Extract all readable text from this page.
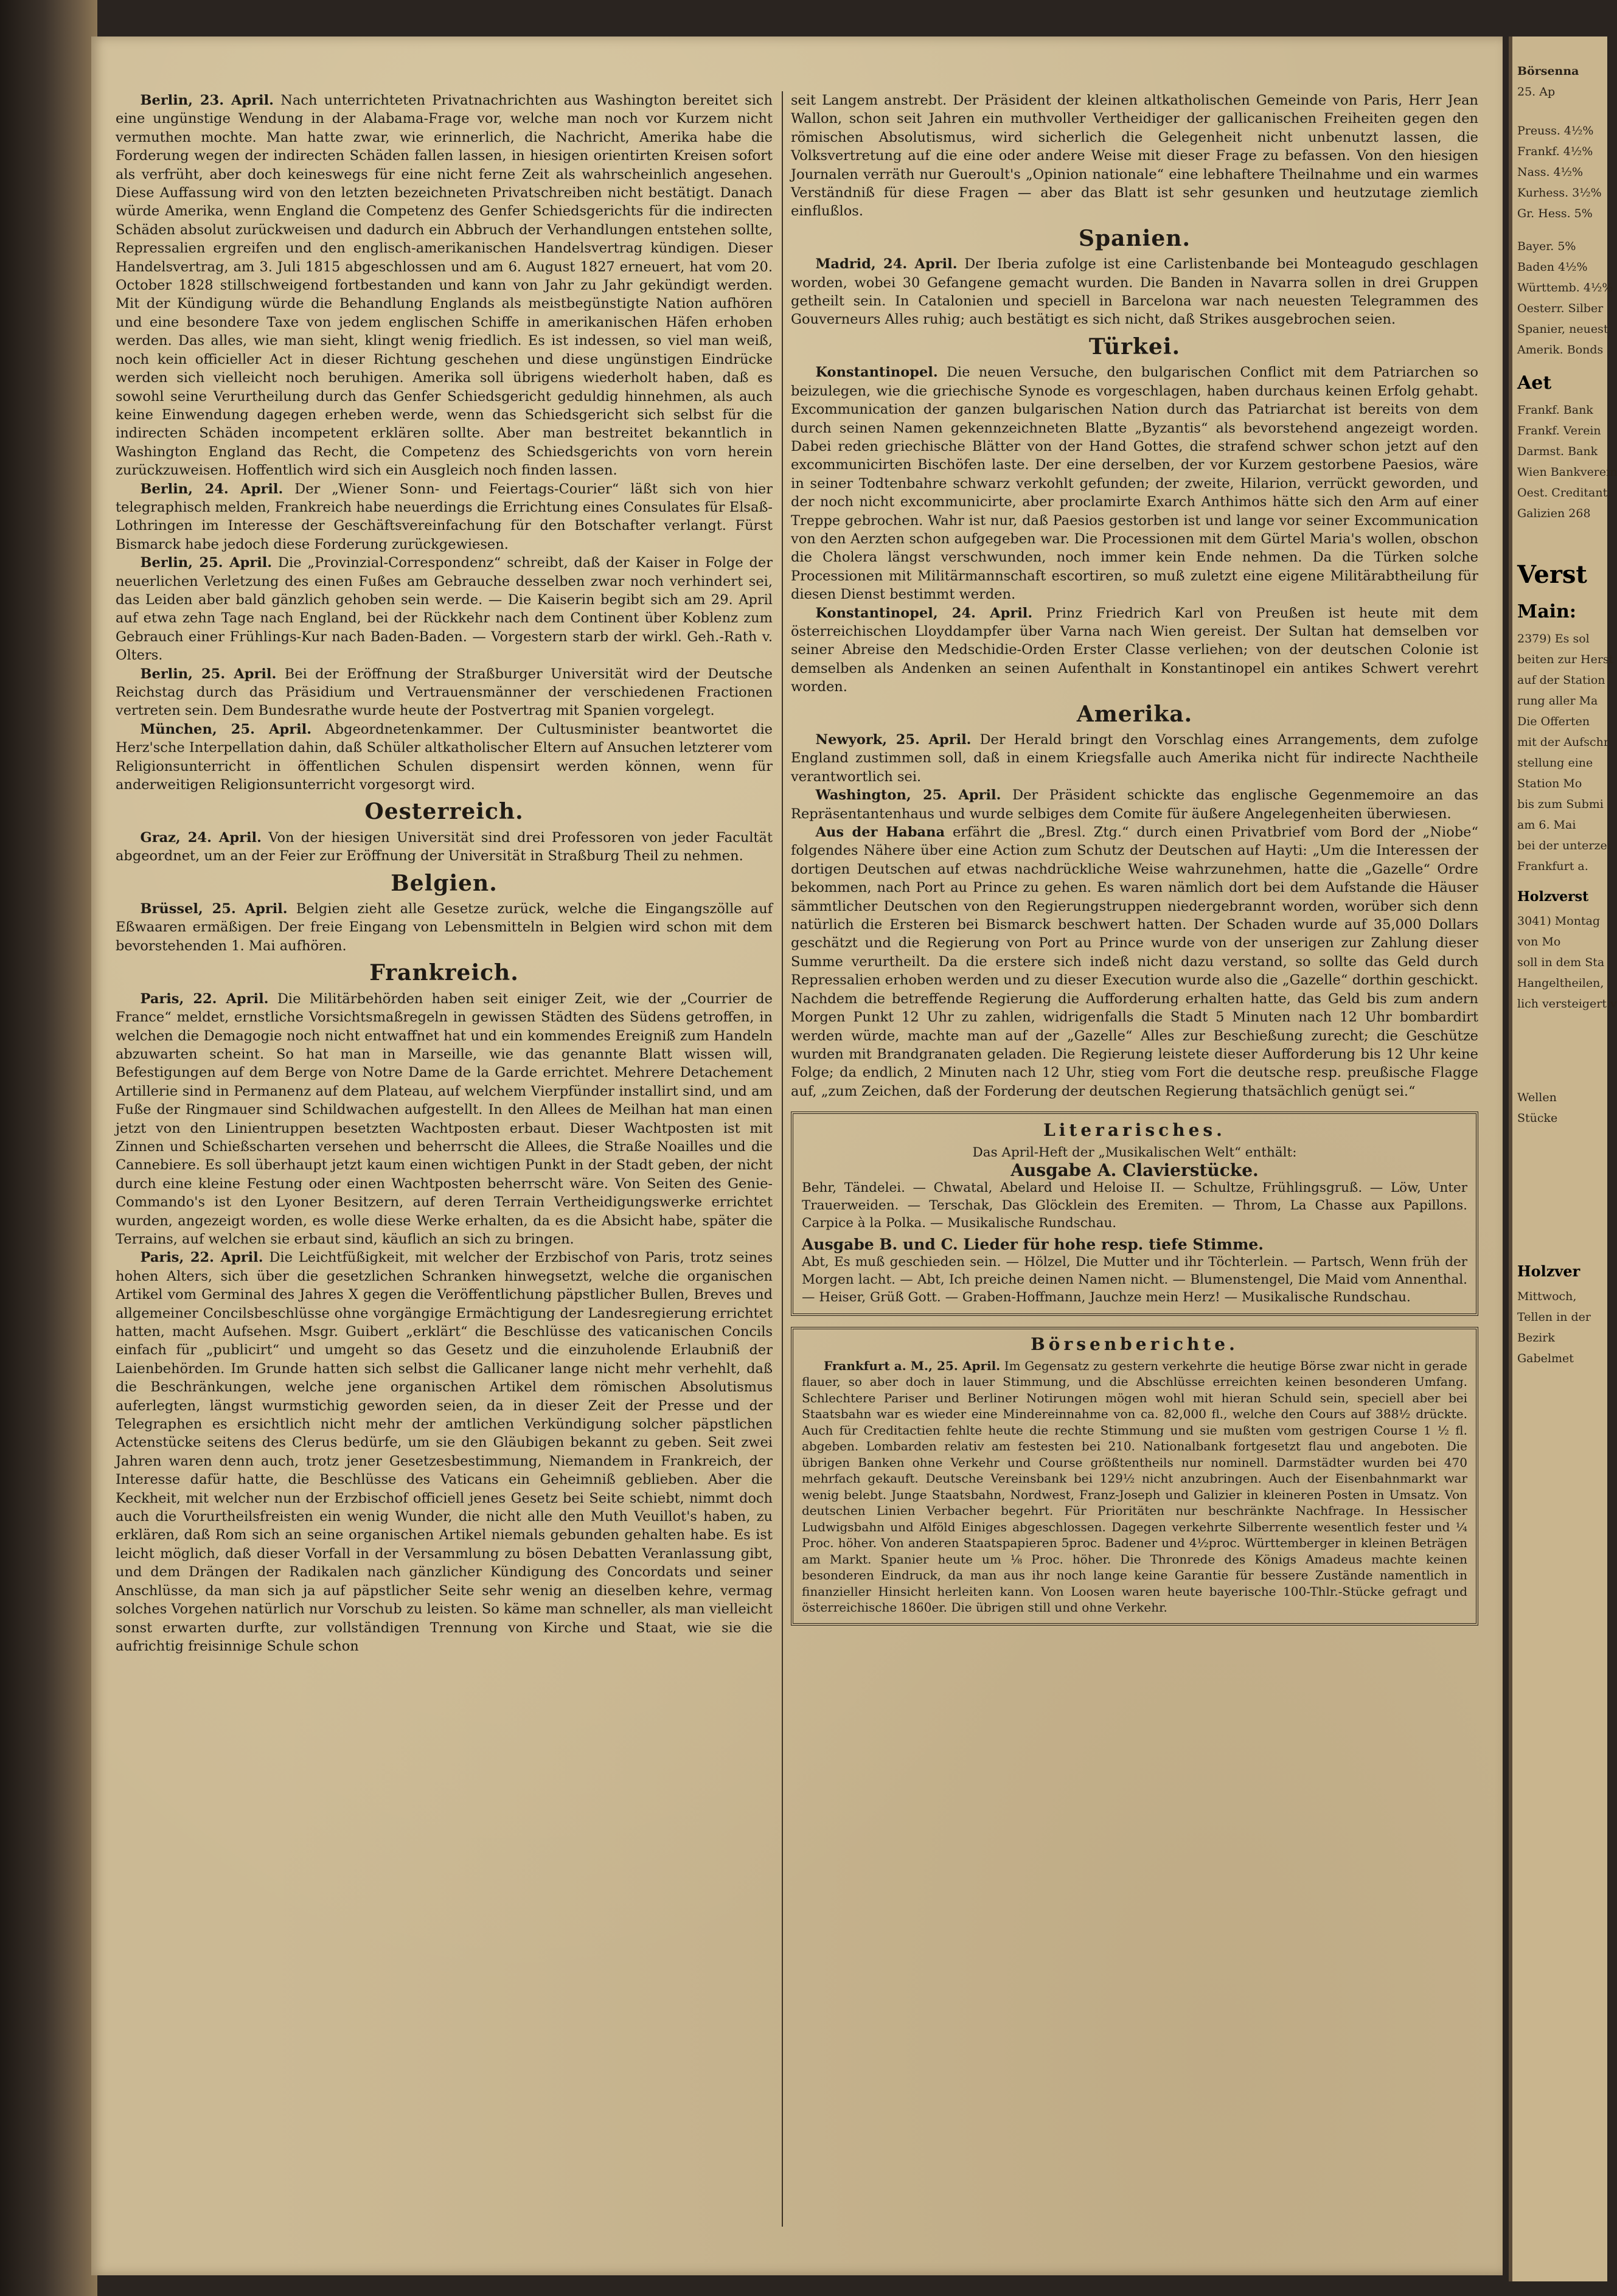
Berlin, 23. April. Nach unterrichteten Privatnachrichten aus Washington bereitet sich eine ungünstige Wendung in der Alabama-Frage vor, welche man noch vor Kurzem nicht vermuthen mochte. Man hatte zwar, wie erinnerlich, die Nachricht, Amerika habe die Forderung wegen der indirecten Schäden fallen lassen, in hiesigen orientirten Kreisen sofort als verfrüht, aber doch keineswegs für eine nicht ferne Zeit als wahrscheinlich angesehen. Diese Auffassung wird von den letzten bezeichneten Privatschreiben nicht bestätigt. Danach würde Amerika, wenn England die Competenz des Genfer Schiedsgerichts für die indirecten Schäden absolut zurückweisen und dadurch ein Abbruch der Verhandlungen entstehen sollte, Repressalien ergreifen und den englisch-amerikanischen Handelsvertrag kündigen. Dieser Handelsvertrag, am 3. Juli 1815 abgeschlossen und am 6. August 1827 erneuert, hat vom 20. October 1828 stillschweigend fortbestanden und kann von Jahr zu Jahr gekündigt werden. Mit der Kündigung würde die Behandlung Englands als meistbegünstigte Nation aufhören und eine besondere Taxe von jedem englischen Schiffe in amerikanischen Häfen erhoben werden. Das alles, wie man sieht, klingt wenig friedlich. Es ist indessen, so viel man weiß, noch kein officieller Act in dieser Richtung geschehen und diese ungünstigen Eindrücke werden sich vielleicht noch beruhigen. Amerika soll übrigens wiederholt haben, daß es sowohl seine Verurtheilung durch das Genfer Schiedsgericht geduldig hinnehmen, als auch keine Einwendung dagegen erheben werde, wenn das Schiedsgericht sich selbst für die indirecten Schäden incompetent erklären sollte. Aber man bestreitet bekanntlich in Washington England das Recht, die Competenz des Schiedsgerichts von vorn herein zurückzuweisen. Hoffentlich wird sich ein Ausgleich noch finden lassen.

Berlin, 24. April. Der „Wiener Sonn- und Feiertags-Courier“ läßt sich von hier telegraphisch melden, Frankreich habe neuerdings die Errichtung eines Consulates für Elsaß-Lothringen im Interesse der Geschäftsvereinfachung für den Botschafter verlangt. Fürst Bismarck habe jedoch diese Forderung zurückgewiesen.

Berlin, 25. April. Die „Provinzial-Correspondenz“ schreibt, daß der Kaiser in Folge der neuerlichen Verletzung des einen Fußes am Gebrauche desselben zwar noch verhindert sei, das Leiden aber bald gänzlich gehoben sein werde. — Die Kaiserin begibt sich am 29. April auf etwa zehn Tage nach England, bei der Rückkehr nach dem Continent über Koblenz zum Gebrauch einer Frühlings-Kur nach Baden-Baden. — Vorgestern starb der wirkl. Geh.-Rath v. Olters.

Berlin, 25. April. Bei der Eröffnung der Straßburger Universität wird der Deutsche Reichstag durch das Präsidium und Vertrauensmänner der verschiedenen Fractionen vertreten sein. Dem Bundesrathe wurde heute der Postvertrag mit Spanien vorgelegt.

München, 25. April. Abgeordnetenkammer. Der Cultusminister beantwortet die Herz'sche Interpellation dahin, daß Schüler altkatholischer Eltern auf Ansuchen letzterer vom Religionsunterricht in öffentlichen Schulen dispensirt werden können, wenn für anderweitigen Religionsunterricht vorgesorgt wird.

Oesterreich.

Graz, 24. April. Von der hiesigen Universität sind drei Professoren von jeder Facultät abgeordnet, um an der Feier zur Eröffnung der Universität in Straßburg Theil zu nehmen.

Belgien.

Brüssel, 25. April. Belgien zieht alle Gesetze zurück, welche die Eingangszölle auf Eßwaaren ermäßigen. Der freie Eingang von Lebensmitteln in Belgien wird schon mit dem bevorstehenden 1. Mai aufhören.

Frankreich.

Paris, 22. April. Die Militärbehörden haben seit einiger Zeit, wie der „Courrier de France“ meldet, ernstliche Vorsichtsmaßregeln in gewissen Städten des Südens getroffen, in welchen die Demagogie noch nicht entwaffnet hat und ein kommendes Ereigniß zum Handeln abzuwarten scheint. So hat man in Marseille, wie das genannte Blatt wissen will, Befestigungen auf dem Berge von Notre Dame de la Garde errichtet. Mehrere Detachement Artillerie sind in Permanenz auf dem Plateau, auf welchem Vierpfünder installirt sind, und am Fuße der Ringmauer sind Schildwachen aufgestellt. In den Allees de Meilhan hat man einen jetzt von den Linientruppen besetzten Wachtposten erbaut. Dieser Wachtposten ist mit Zinnen und Schießscharten versehen und beherrscht die Allees, die Straße Noailles und die Cannebiere. Es soll überhaupt jetzt kaum einen wichtigen Punkt in der Stadt geben, der nicht durch eine kleine Festung oder einen Wachtposten beherrscht wäre. Von Seiten des Genie-Commando's ist den Lyoner Besitzern, auf deren Terrain Vertheidigungswerke errichtet wurden, angezeigt worden, es wolle diese Werke erhalten, da es die Absicht habe, später die Terrains, auf welchen sie erbaut sind, käuflich an sich zu bringen.

Paris, 22. April. Die Leichtfüßigkeit, mit welcher der Erzbischof von Paris, trotz seines hohen Alters, sich über die gesetzlichen Schranken hinwegsetzt, welche die organischen Artikel vom Germinal des Jahres X gegen die Veröffentlichung päpstlicher Bullen, Breves und allgemeiner Concilsbeschlüsse ohne vorgängige Ermächtigung der Landesregierung errichtet hatten, macht Aufsehen. Msgr. Guibert „erklärt“ die Beschlüsse des vaticanischen Concils einfach für „publicirt“ und umgeht so das Gesetz und die einzuholende Erlaubniß der Laienbehörden. Im Grunde hatten sich selbst die Gallicaner lange nicht mehr verhehlt, daß die Beschränkungen, welche jene organischen Artikel dem römischen Absolutismus auferlegten, längst wurmstichig geworden seien, da in dieser Zeit der Presse und der Telegraphen es ersichtlich nicht mehr der amtlichen Verkündigung solcher päpstlichen Actenstücke seitens des Clerus bedürfe, um sie den Gläubigen bekannt zu geben. Seit zwei Jahren waren denn auch, trotz jener Gesetzesbestimmung, Niemandem in Frankreich, der Interesse dafür hatte, die Beschlüsse des Vaticans ein Geheimniß geblieben. Aber die Keckheit, mit welcher nun der Erzbischof officiell jenes Gesetz bei Seite schiebt, nimmt doch auch die Vorurtheilsfreisten ein wenig Wunder, die nicht alle den Muth Veuillot's haben, zu erklären, daß Rom sich an seine organischen Artikel niemals gebunden gehalten habe. Es ist leicht möglich, daß dieser Vorfall in der Versammlung zu bösen Debatten Veranlassung gibt, und dem Drängen der Radikalen nach gänzlicher Kündigung des Concordats und seiner Anschlüsse, da man sich ja auf päpstlicher Seite sehr wenig an dieselben kehre, vermag solches Vorgehen natürlich nur Vorschub zu leisten. So käme man schneller, als man vielleicht sonst erwarten durfte, zur vollständigen Trennung von Kirche und Staat, wie sie die aufrichtig freisinnige Schule schon

seit Langem anstrebt. Der Präsident der kleinen altkatholischen Gemeinde von Paris, Herr Jean Wallon, schon seit Jahren ein muthvoller Vertheidiger der gallicanischen Freiheiten gegen den römischen Absolutismus, wird sicherlich die Gelegenheit nicht unbenutzt lassen, die Volksvertretung auf die eine oder andere Weise mit dieser Frage zu befassen. Von den hiesigen Journalen verräth nur Gueroult's „Opinion nationale“ eine lebhaftere Theilnahme und ein warmes Verständniß für diese Fragen — aber das Blatt ist sehr gesunken und heutzutage ziemlich einflußlos.

Spanien.

Madrid, 24. April. Der Iberia zufolge ist eine Carlistenbande bei Monteagudo geschlagen worden, wobei 30 Gefangene gemacht wurden. Die Banden in Navarra sollen in drei Gruppen getheilt sein. In Catalonien und speciell in Barcelona war nach neuesten Telegrammen des Gouverneurs Alles ruhig; auch bestätigt es sich nicht, daß Strikes ausgebrochen seien.

Türkei.

Konstantinopel. Die neuen Versuche, den bulgarischen Conflict mit dem Patriarchen so beizulegen, wie die griechische Synode es vorgeschlagen, haben durchaus keinen Erfolg gehabt. Excommunication der ganzen bulgarischen Nation durch das Patriarchat ist bereits von dem durch seinen Namen gekennzeichneten Blatte „Byzantis“ als bevorstehend angezeigt worden. Dabei reden griechische Blätter von der Hand Gottes, die strafend schwer schon jetzt auf den excommunicirten Bischöfen laste. Der eine derselben, der vor Kurzem gestorbene Paesios, wäre in seiner Todtenbahre schwarz verkohlt gefunden; der zweite, Hilarion, verrückt geworden, und der noch nicht excommunicirte, aber proclamirte Exarch Anthimos hätte sich den Arm auf einer Treppe gebrochen. Wahr ist nur, daß Paesios gestorben ist und lange vor seiner Excommunication von den Aerzten schon aufgegeben war. Die Processionen mit dem Gürtel Maria's wollen, obschon die Cholera längst verschwunden, noch immer kein Ende nehmen. Da die Türken solche Processionen mit Militärmannschaft escortiren, so muß zuletzt eine eigene Militärabtheilung für diesen Dienst bestimmt werden.

Konstantinopel, 24. April. Prinz Friedrich Karl von Preußen ist heute mit dem österreichischen Lloyddampfer über Varna nach Wien gereist. Der Sultan hat demselben vor seiner Abreise den Medschidie-Orden Erster Classe verliehen; von der deutschen Colonie ist demselben als Andenken an seinen Aufenthalt in Konstantinopel ein antikes Schwert verehrt worden.

Amerika.

Newyork, 25. April. Der Herald bringt den Vorschlag eines Arrangements, dem zufolge England zustimmen soll, daß in einem Kriegsfalle auch Amerika nicht für indirecte Nachtheile verantwortlich sei.

Washington, 25. April. Der Präsident schickte das englische Gegenmemoire an das Repräsentantenhaus und wurde selbiges dem Comite für äußere Angelegenheiten überwiesen.

Aus der Habana erfährt die „Bresl. Ztg.“ durch einen Privatbrief vom Bord der „Niobe“ folgendes Nähere über eine Action zum Schutz der Deutschen auf Hayti: „Um die Interessen der dortigen Deutschen auf etwas nachdrückliche Weise wahrzunehmen, hatte die „Gazelle“ Ordre bekommen, nach Port au Prince zu gehen. Es waren nämlich dort bei dem Aufstande die Häuser sämmtlicher Deutschen von den Regierungstruppen niedergebrannt worden, worüber sich denn natürlich die Ersteren bei Bismarck beschwert hatten. Der Schaden wurde auf 35,000 Dollars geschätzt und die Regierung von Port au Prince wurde von der unserigen zur Zahlung dieser Summe verurtheilt. Da die erstere sich indeß nicht dazu verstand, so sollte das Geld durch Repressalien erhoben werden und zu dieser Execution wurde also die „Gazelle“ dorthin geschickt. Nachdem die betreffende Regierung die Aufforderung erhalten hatte, das Geld bis zum andern Morgen Punkt 12 Uhr zu zahlen, widrigenfalls die Stadt 5 Minuten nach 12 Uhr bombardirt werden würde, machte man auf der „Gazelle“ Alles zur Beschießung zurecht; die Geschütze wurden mit Brandgranaten geladen. Die Regierung leistete dieser Aufforderung bis 12 Uhr keine Folge; da endlich, 2 Minuten nach 12 Uhr, stieg vom Fort die deutsche resp. preußische Flagge auf, „zum Zeichen, daß der Forderung der deutschen Regierung thatsächlich genügt sei.“

Literarisches.

Das April-Heft der „Musikalischen Welt“ enthält:

Ausgabe A. Clavierstücke.

Behr, Tändelei. — Chwatal, Abelard und Heloise II. — Schultze, Frühlingsgruß. — Löw, Unter Trauerweiden. — Terschak, Das Glöcklein des Eremiten. — Throm, La Chasse aux Papillons. Carpice à la Polka. — Musikalische Rundschau.

Ausgabe B. und C. Lieder für hohe resp. tiefe Stimme.

Abt, Es muß geschieden sein. — Hölzel, Die Mutter und ihr Töchterlein. — Partsch, Wenn früh der Morgen lacht. — Abt, Ich preiche deinen Namen nicht. — Blumenstengel, Die Maid vom Annenthal. — Heiser, Grüß Gott. — Graben-Hoffmann, Jauchze mein Herz! — Musikalische Rundschau.

Börsenberichte.

Frankfurt a. M., 25. April. Im Gegensatz zu gestern verkehrte die heutige Börse zwar nicht in gerade flauer, so aber doch in lauer Stimmung, und die Abschlüsse erreichten keinen besonderen Umfang. Schlechtere Pariser und Berliner Notirungen mögen wohl mit hieran Schuld sein, speciell aber bei Staatsbahn war es wieder eine Mindereinnahme von ca. 82,000 fl., welche den Cours auf 388½ drückte. Auch für Creditactien fehlte heute die rechte Stimmung und sie mußten vom gestrigen Course 1 ½ fl. abgeben. Lombarden relativ am festesten bei 210. Nationalbank fortgesetzt flau und angeboten. Die übrigen Banken ohne Verkehr und Course größtentheils nur nominell. Darmstädter wurden bei 470 mehrfach gekauft. Deutsche Vereinsbank bei 129½ nicht anzubringen. Auch der Eisenbahnmarkt war wenig belebt. Junge Staatsbahn, Nordwest, Franz-Joseph und Galizier in kleineren Posten in Umsatz. Von deutschen Linien Verbacher begehrt. Für Prioritäten nur beschränkte Nachfrage. In Hessischer Ludwigsbahn und Alföld Einiges abgeschlossen. Dagegen verkehrte Silberrente wesentlich fester und ¼ Proc. höher. Von anderen Staatspapieren 5proc. Badener und 4½proc. Württemberger in kleinen Beträgen am Markt. Spanier heute um ⅛ Proc. höher. Die Thronrede des Königs Amadeus machte keinen besonderen Eindruck, da man aus ihr noch lange keine Garantie für bessere Zustände namentlich in finanzieller Hinsicht herleiten kann. Von Loosen waren heute bayerische 100-Thlr.-Stücke gefragt und österreichische 1860er. Die übrigen still und ohne Verkehr.

Börsenna
25. Ap
Preuss. 4½%
Frankf. 4½%
Nass. 4½%
Kurhess. 3½%
Gr. Hess. 5%
Bayer. 5%
Baden 4½%
Württemb. 4½%
Oesterr. Silber
Spanier, neuest
Amerik. Bonds
Aet
Frankf. Bank
Frankf. Verein
Darmst. Bank
Wien Bankverein
Oest. Creditant.
Galizien 268
Verst
Main:
2379) Es sol
beiten zur Herst
auf der Station
rung aller Ma
Die Offerten
mit der Aufschr
stellung eine
Station Mo
bis zum Submi
am 6. Mai
bei der unterzei
Frankfurt a.
Holzverst
3041) Montag
von Mo
soll in dem Sta
Hangeltheilen,
lich versteigert v
Wellen
Stücke
Holzver
Mittwoch,
Tellen in der
Bezirk
Gabelmet
